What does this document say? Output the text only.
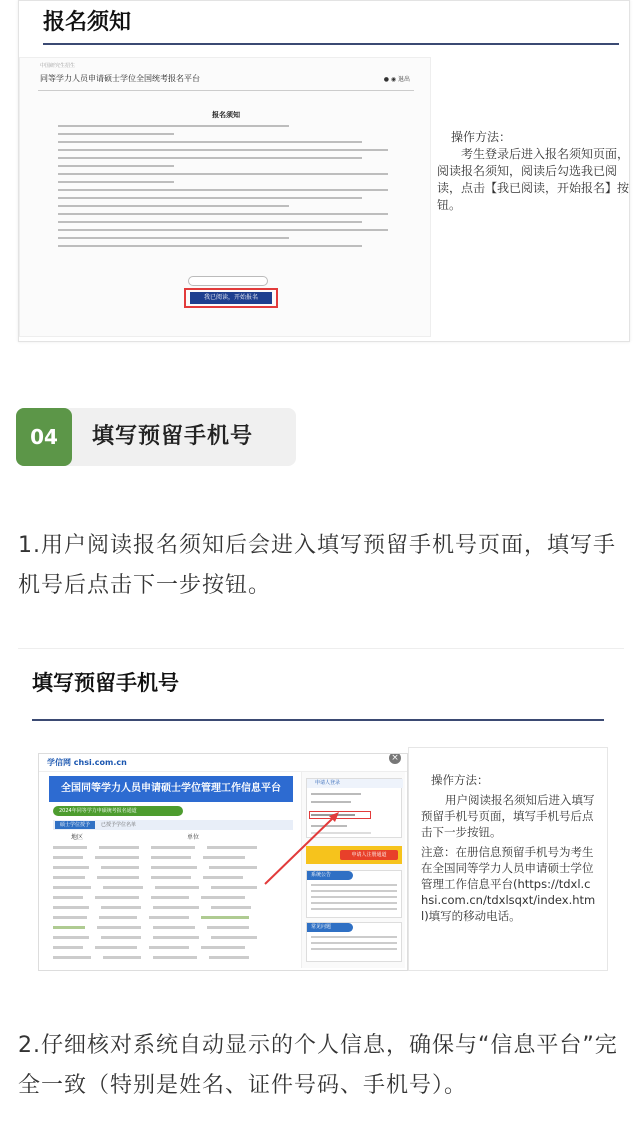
报名须知
中国研究生招生
同等学力人员申请硕士学位全国统考报名平台	● ◉ 退出
报名须知
我已阅读，开始报名
操作方法：
考生登录后进入报名须知页面，阅读报名须知，阅读后勾选我已阅读，点击【我已阅读，开始报名】按钮。
04	填写预留手机号
1.用户阅读报名须知后会进入填写预留手机号页面，填写手机号后点击下一步按钮。
填写预留手机号
学信网 chsi.com.cn	×
全国同等学力人员申请硕士学位管理工作信息平台
2024年同等学力申硕统考报名通道
硕士学位授予	已授予学位名单
地区	单位
申请人登录
申请人注册通道
系统公告
常见问题
操作方法：
用户阅读报名须知后进入填写预留手机号页面，填写手机号后点击下一步按钮。
注意：在册信息预留手机号为考生在全国同等学力人员申请硕士学位管理工作信息平台(https://tdxl.chsi.com.cn/tdxlsqxt/index.html)填写的移动电话。
2.仔细核对系统自动显示的个人信息，确保与“信息平台”完全一致（特别是姓名、证件号码、手机号）。
